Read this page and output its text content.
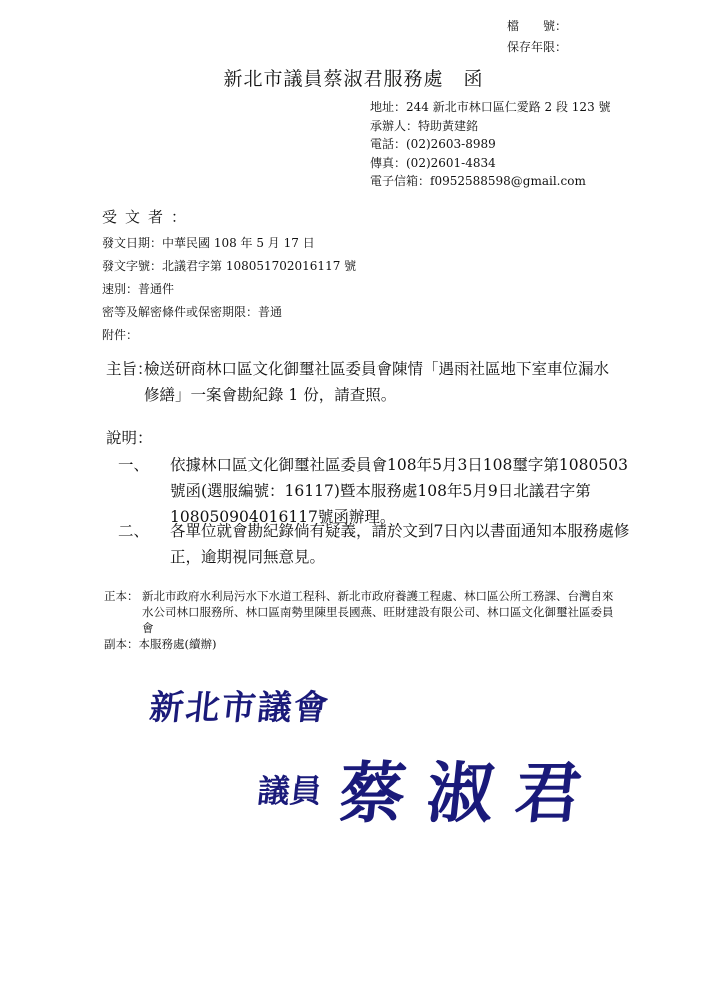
檔　　號：
保存年限：
新北市議員蔡淑君服務處　函
地址：244 新北市林口區仁愛路 2 段 123 號
承辦人：特助黃建銘
電話：(02)2603-8989
傳真：(02)2601-4834
電子信箱：f0952588598@gmail.com
受文者：
發文日期：中華民國 108 年 5 月 17 日
發文字號：北議君字第 108051702016117 號
速別：普通件
密等及解密條件或保密期限：普通
附件：
主旨：
檢送研商林口區文化御璽社區委員會陳情「遇雨社區地下室車位漏水修繕」一案會勘紀錄 1 份，請查照。
說明：
一、 依據林口區文化御璽社區委員會108年5月3日108璽字第1080503號函(選服編號：16117)暨本服務處108年5月9日北議君字第108050904016117號函辦理。
二、 各單位就會勘紀錄倘有疑義，請於文到7日內以書面通知本服務處修正，逾期視同無意見。
正本： 新北市政府水利局污水下水道工程科、新北市政府養護工程處、林口區公所工務課、台灣自來水公司林口服務所、林口區南勢里陳里長國燕、旺財建設有限公司、林口區文化御璽社區委員會
副本：本服務處(續辦)
新北市議會
議員 蔡淑君
